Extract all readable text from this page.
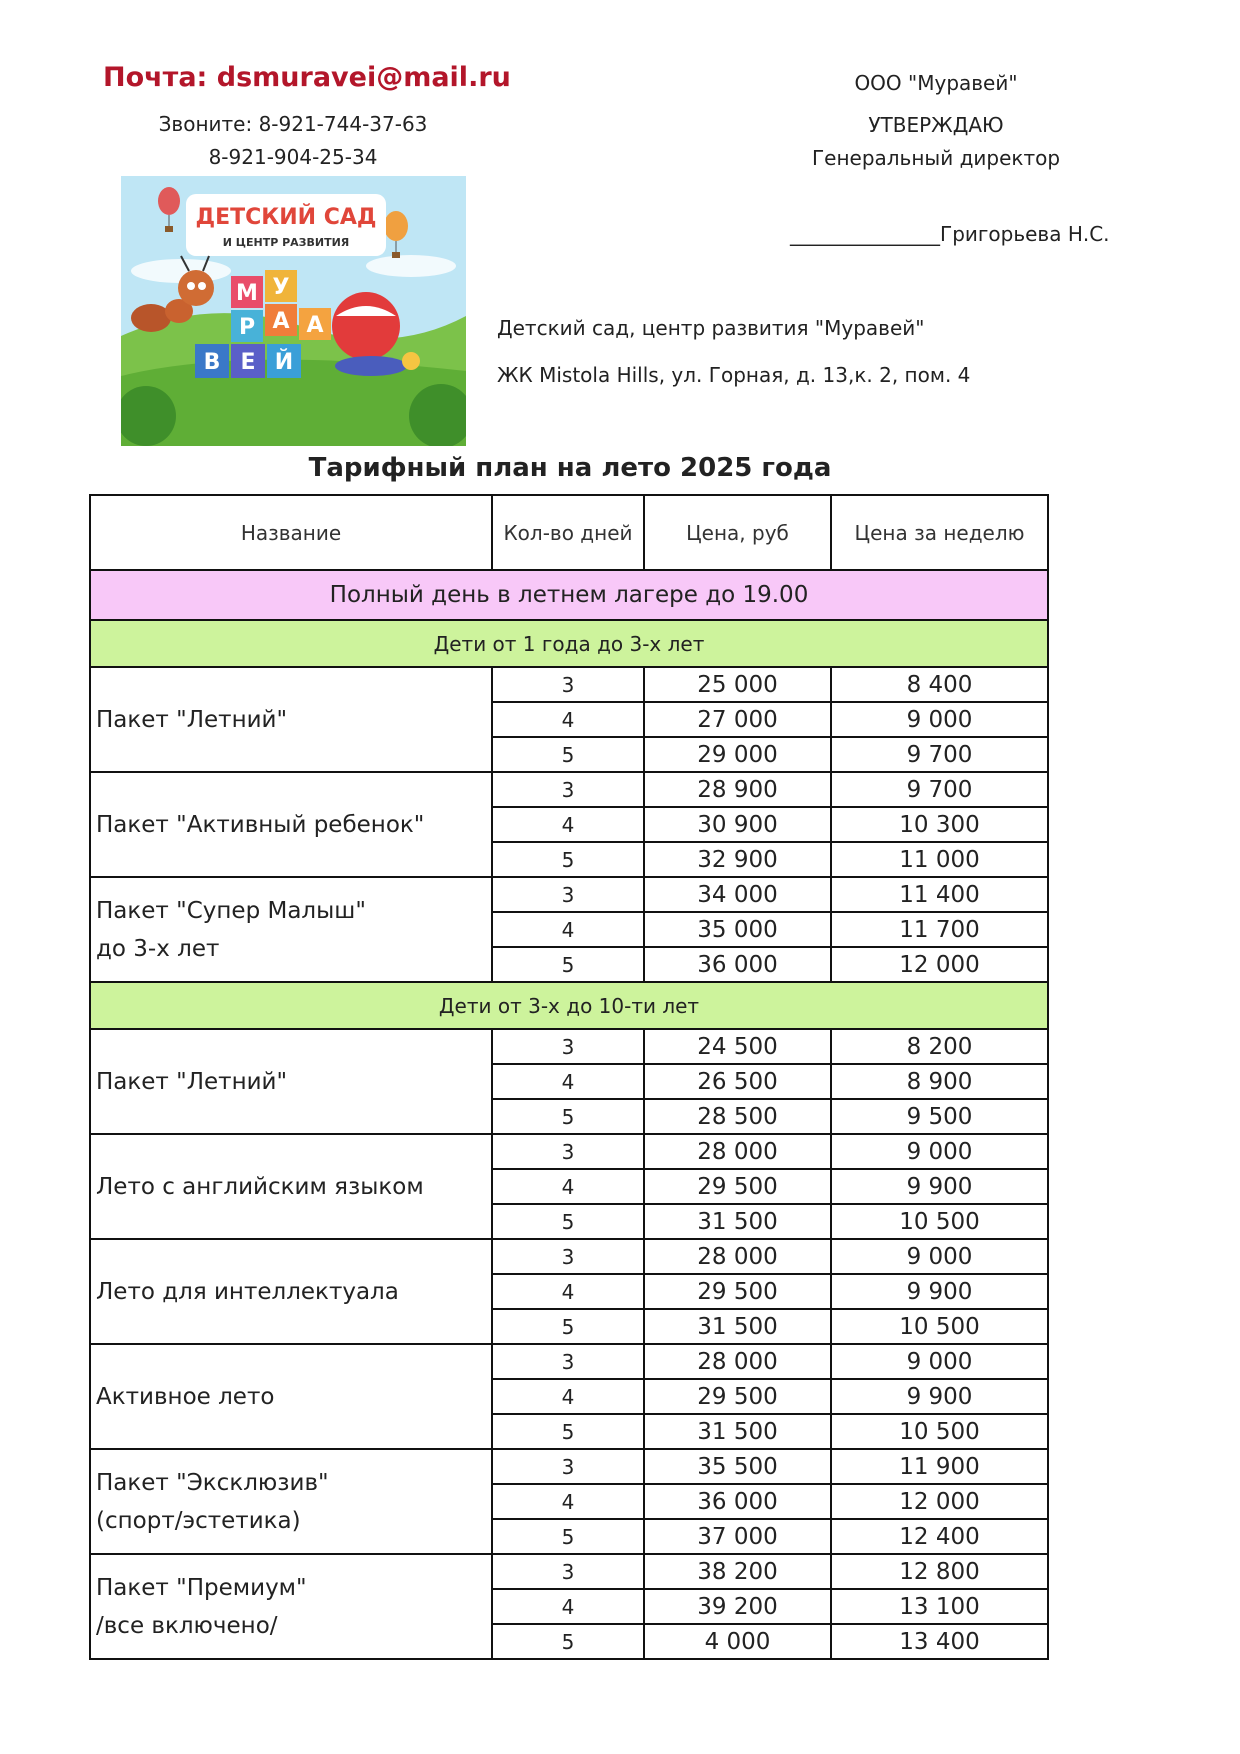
Почта: dsmuravei@mail.ru
Звоните: 8-921-744-37-63
8-921-904-25-34
ООО "Муравей"
УТВЕРЖДАЮ
Генеральный директор
_______________Григорьева Н.С.
ДЕТСКИЙ САД
И ЦЕНТР РАЗВИТИЯ
М У
Р А
В Е Й
А	Детский сад, центр развития "Муравей"
ЖК Mistola Hills, ул. Горная, д. 13,к. 2, пом. 4
Тарифный план на лето 2025 года
Название	Кол-во дней	Цена, руб	Цена за неделю
Полный день в летнем лагере до 19.00			
Дети от 1 года до 3-х лет			

Пакет "Летний"	3	25 000	8 400
	4	27 000	9 000
	5	29 000	9 700

Пакет "Активный ребенок"	3	28 900	9 700
	4	30 900	10 300
	5	32 900	11 000

Пакет "Супер Малыш"
до 3-х лет	3	34 000	11 400
	4	35 000	11 700
	5	36 000	12 000
Дети от 3-х до 10-ти лет			

Пакет "Летний"	3	24 500	8 200
	4	26 500	8 900
	5	28 500	9 500

Лето с английским языком	3	28 000	9 000
	4	29 500	9 900
	5	31 500	10 500

Лето для интеллектуала	3	28 000	9 000
	4	29 500	9 900
	5	31 500	10 500

Активное лето	3	28 000	9 000
	4	29 500	9 900
	5	31 500	10 500

Пакет "Эксклюзив"
(спорт/эстетика)	3	35 500	11 900
	4	36 000	12 000
	5	37 000	12 400

Пакет "Премиум"
/все включено/	3	38 200	12 800
	4	39 200	13 100
	5	4 000	13 400
